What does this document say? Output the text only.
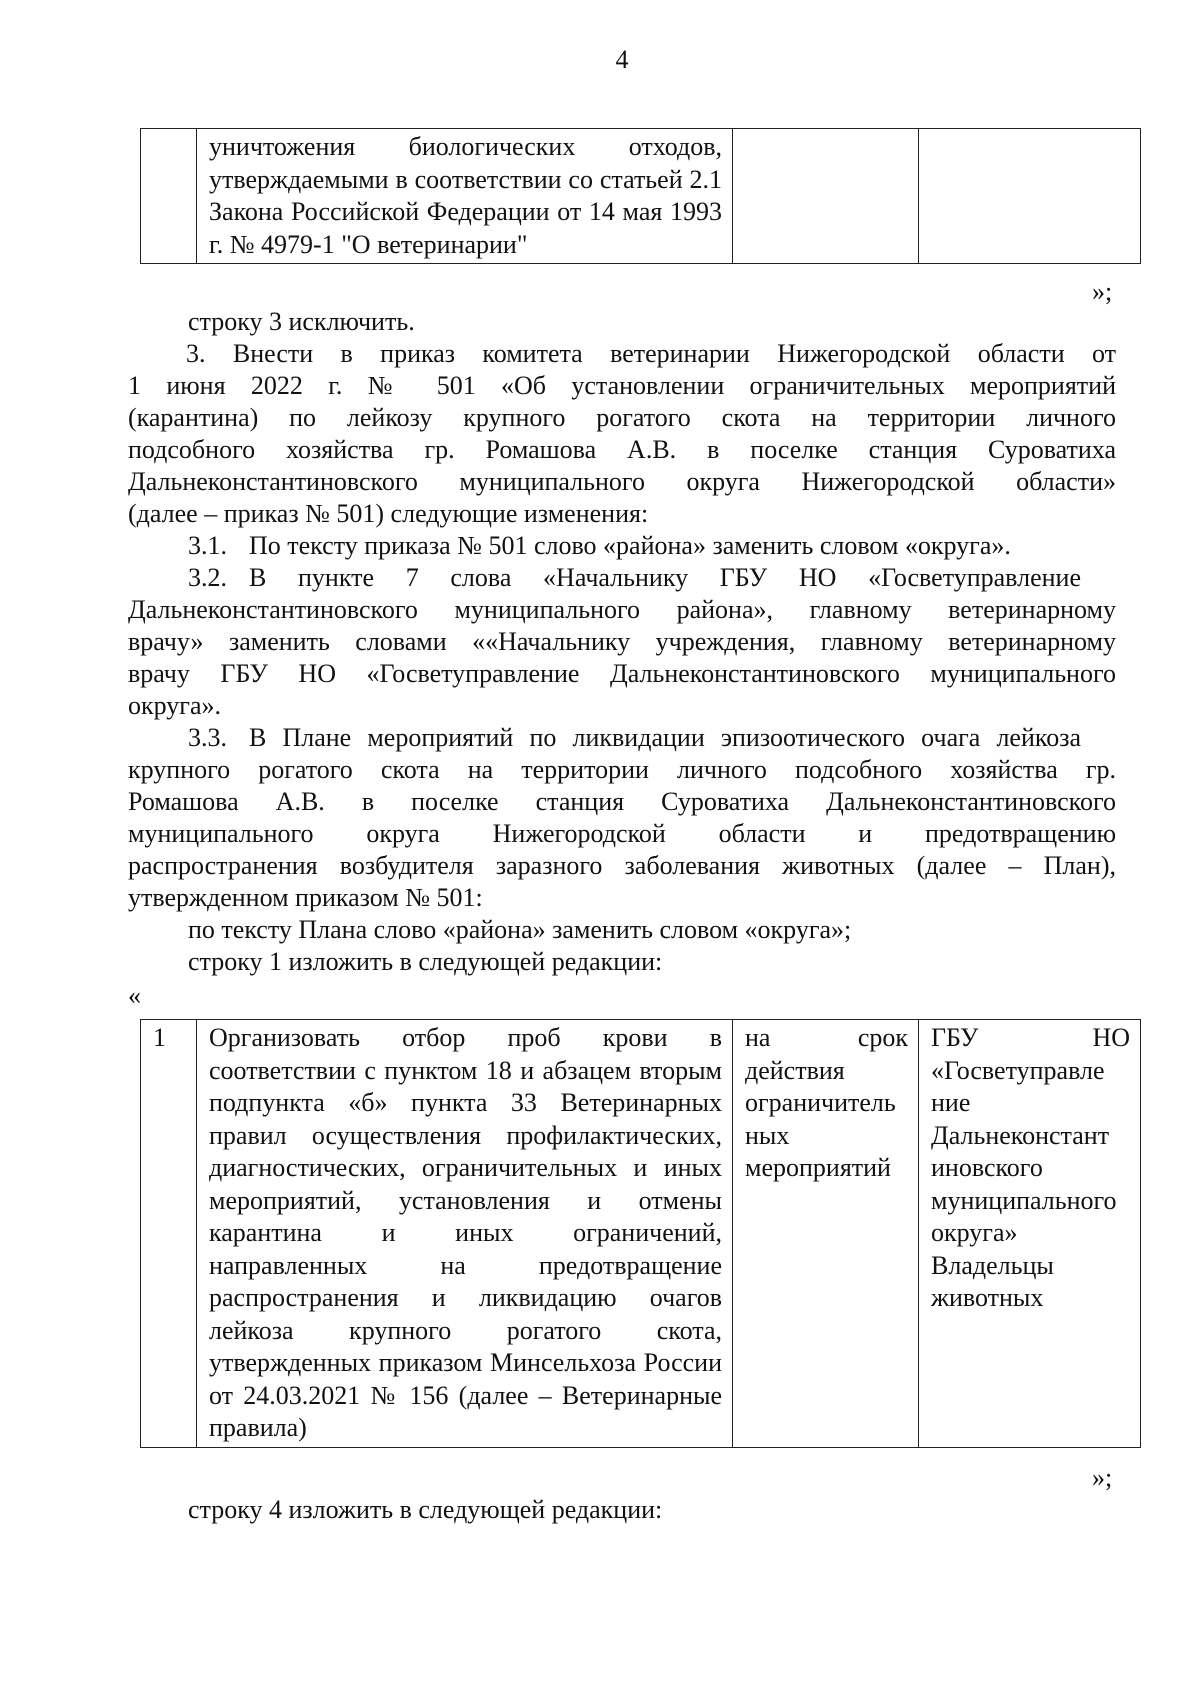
4
	уничтожения биологических отходов, утверждаемыми в соответствии со статьей 2.1 Закона Российской Федерации от 14 мая 1993 г. № 4979-1 "О ветеринарии"		
»;
строку 3 исключить.
3. Внести в приказ комитета ветеринарии Нижегородской области от
1 июня 2022 г. № 501 «Об установлении ограничительных мероприятий
(карантина) по лейкозу крупного рогатого скота на территории личного
подсобного хозяйства гр. Ромашова А.В. в поселке станция Суроватиха
Дальнеконстантиновского муниципального округа Нижегородской области»
(далее – приказ № 501) следующие изменения:
3.1. По тексту приказа № 501 слово «района» заменить словом «округа».
3.2. В пункте 7 слова «Начальнику ГБУ НО «Госветуправление
Дальнеконстантиновского муниципального района», главному ветеринарному
врачу» заменить словами ««Начальнику учреждения, главному ветеринарному
врачу ГБУ НО «Госветуправление Дальнеконстантиновского муниципального
округа».
3.3. В Плане мероприятий по ликвидации эпизоотического очага лейкоза
крупного рогатого скота на территории личного подсобного хозяйства гр.
Ромашова А.В. в поселке станция Суроватиха Дальнеконстантиновского
муниципального округа Нижегородской области и предотвращению
распространения возбудителя заразного заболевания животных (далее – План),
утвержденном приказом № 501:
по тексту Плана слово «района» заменить словом «округа»;
строку 1 изложить в следующей редакции:
«
1	Организовать отбор проб крови в соответствии с пунктом 18 и абзацем вторым подпункта «б» пункта 33 Ветеринарных правил осуществления профилактических, диагностических, ограничительных и иных мероприятий, установления и отмены карантина и иных ограничений, направленных на предотвращение распространения и ликвидацию очагов лейкоза крупного рогатого скота, утвержденных приказом Минсельхоза России от 24.03.2021 № 156 (далее – Ветеринарные правила)	на срок действия ограничитель ных мероприятий	ГБУ НО «Госветуправле ние Дальнеконстант иновского муниципального округа» Владельцы животных
»;
строку 4 изложить в следующей редакции:
